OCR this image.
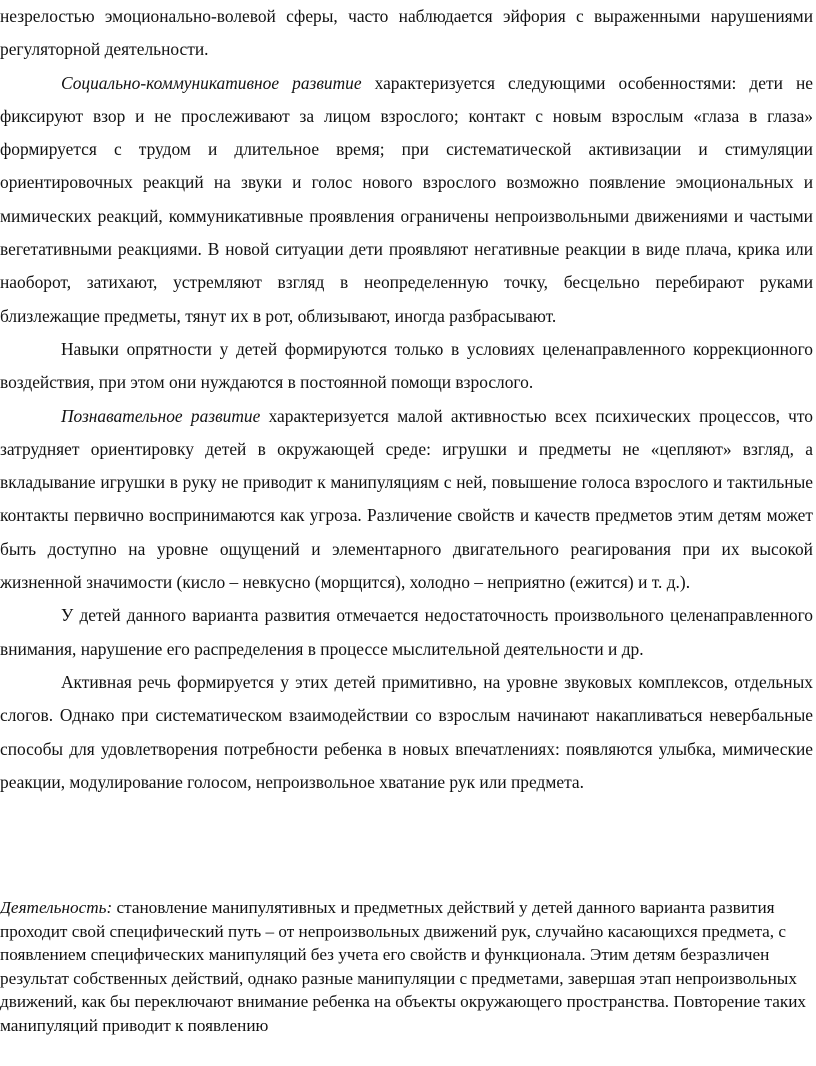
незрелостью эмоционально-волевой сферы, часто наблюдается эйфория с выраженными нарушениями регуляторной деятельности.

Социально-коммуникативное развитие характеризуется следующими особенностями: дети не фиксируют взор и не прослеживают за лицом взрослого; контакт с новым взрослым «глаза в глаза» формируется с трудом и длительное время; при систематической активизации и стимуляции ориентировочных реакций на звуки и голос нового взрослого возможно появление эмоциональных и мимических реакций, коммуникативные проявления ограничены непроизвольными движениями и частыми вегетативными реакциями. В новой ситуации дети проявляют негативные реакции в виде плача, крика или наоборот, затихают, устремляют взгляд в неопределенную точку, бесцельно перебирают руками близлежащие предметы, тянут их в рот, облизывают, иногда разбрасывают.

Навыки опрятности у детей формируются только в условиях целенаправленного коррекционного воздействия, при этом они нуждаются в постоянной помощи взрослого.

Познавательное развитие характеризуется малой активностью всех психических процессов, что затрудняет ориентировку детей в окружающей среде: игрушки и предметы не «цепляют» взгляд, а вкладывание игрушки в руку не приводит к манипуляциям с ней, повышение голоса взрослого и тактильные контакты первично воспринимаются как угроза. Различение свойств и качеств предметов этим детям может быть доступно на уровне ощущений и элементарного двигательного реагирования при их высокой жизненной значимости (кисло – невкусно (морщится), холодно – неприятно (ежится) и т. д.).

У детей данного варианта развития отмечается недостаточность произвольного целенаправленного внимания, нарушение его распределения в процессе мыслительной деятельности и др.

Активная речь формируется у этих детей примитивно, на уровне звуковых комплексов, отдельных слогов. Однако при систематическом взаимодействии со взрослым начинают накапливаться невербальные способы для удовлетворения потребности ребенка в новых впечатлениях: появляются улыбка, мимические реакции, модулирование голосом, непроизвольное хватание рук или предмета.

Деятельность: становление манипулятивных и предметных действий у детей данного варианта развития проходит свой специфический путь – от непроизвольных движений рук, случайно касающихся предмета, с появлением специфических манипуляций без учета его свойств и функционала. Этим детям безразличен результат собственных действий, однако разные манипуляции с предметами, завершая этап непроизвольных движений, как бы переключают внимание ребенка на объекты окружающего пространства. Повторение таких манипуляций приводит к появлению
